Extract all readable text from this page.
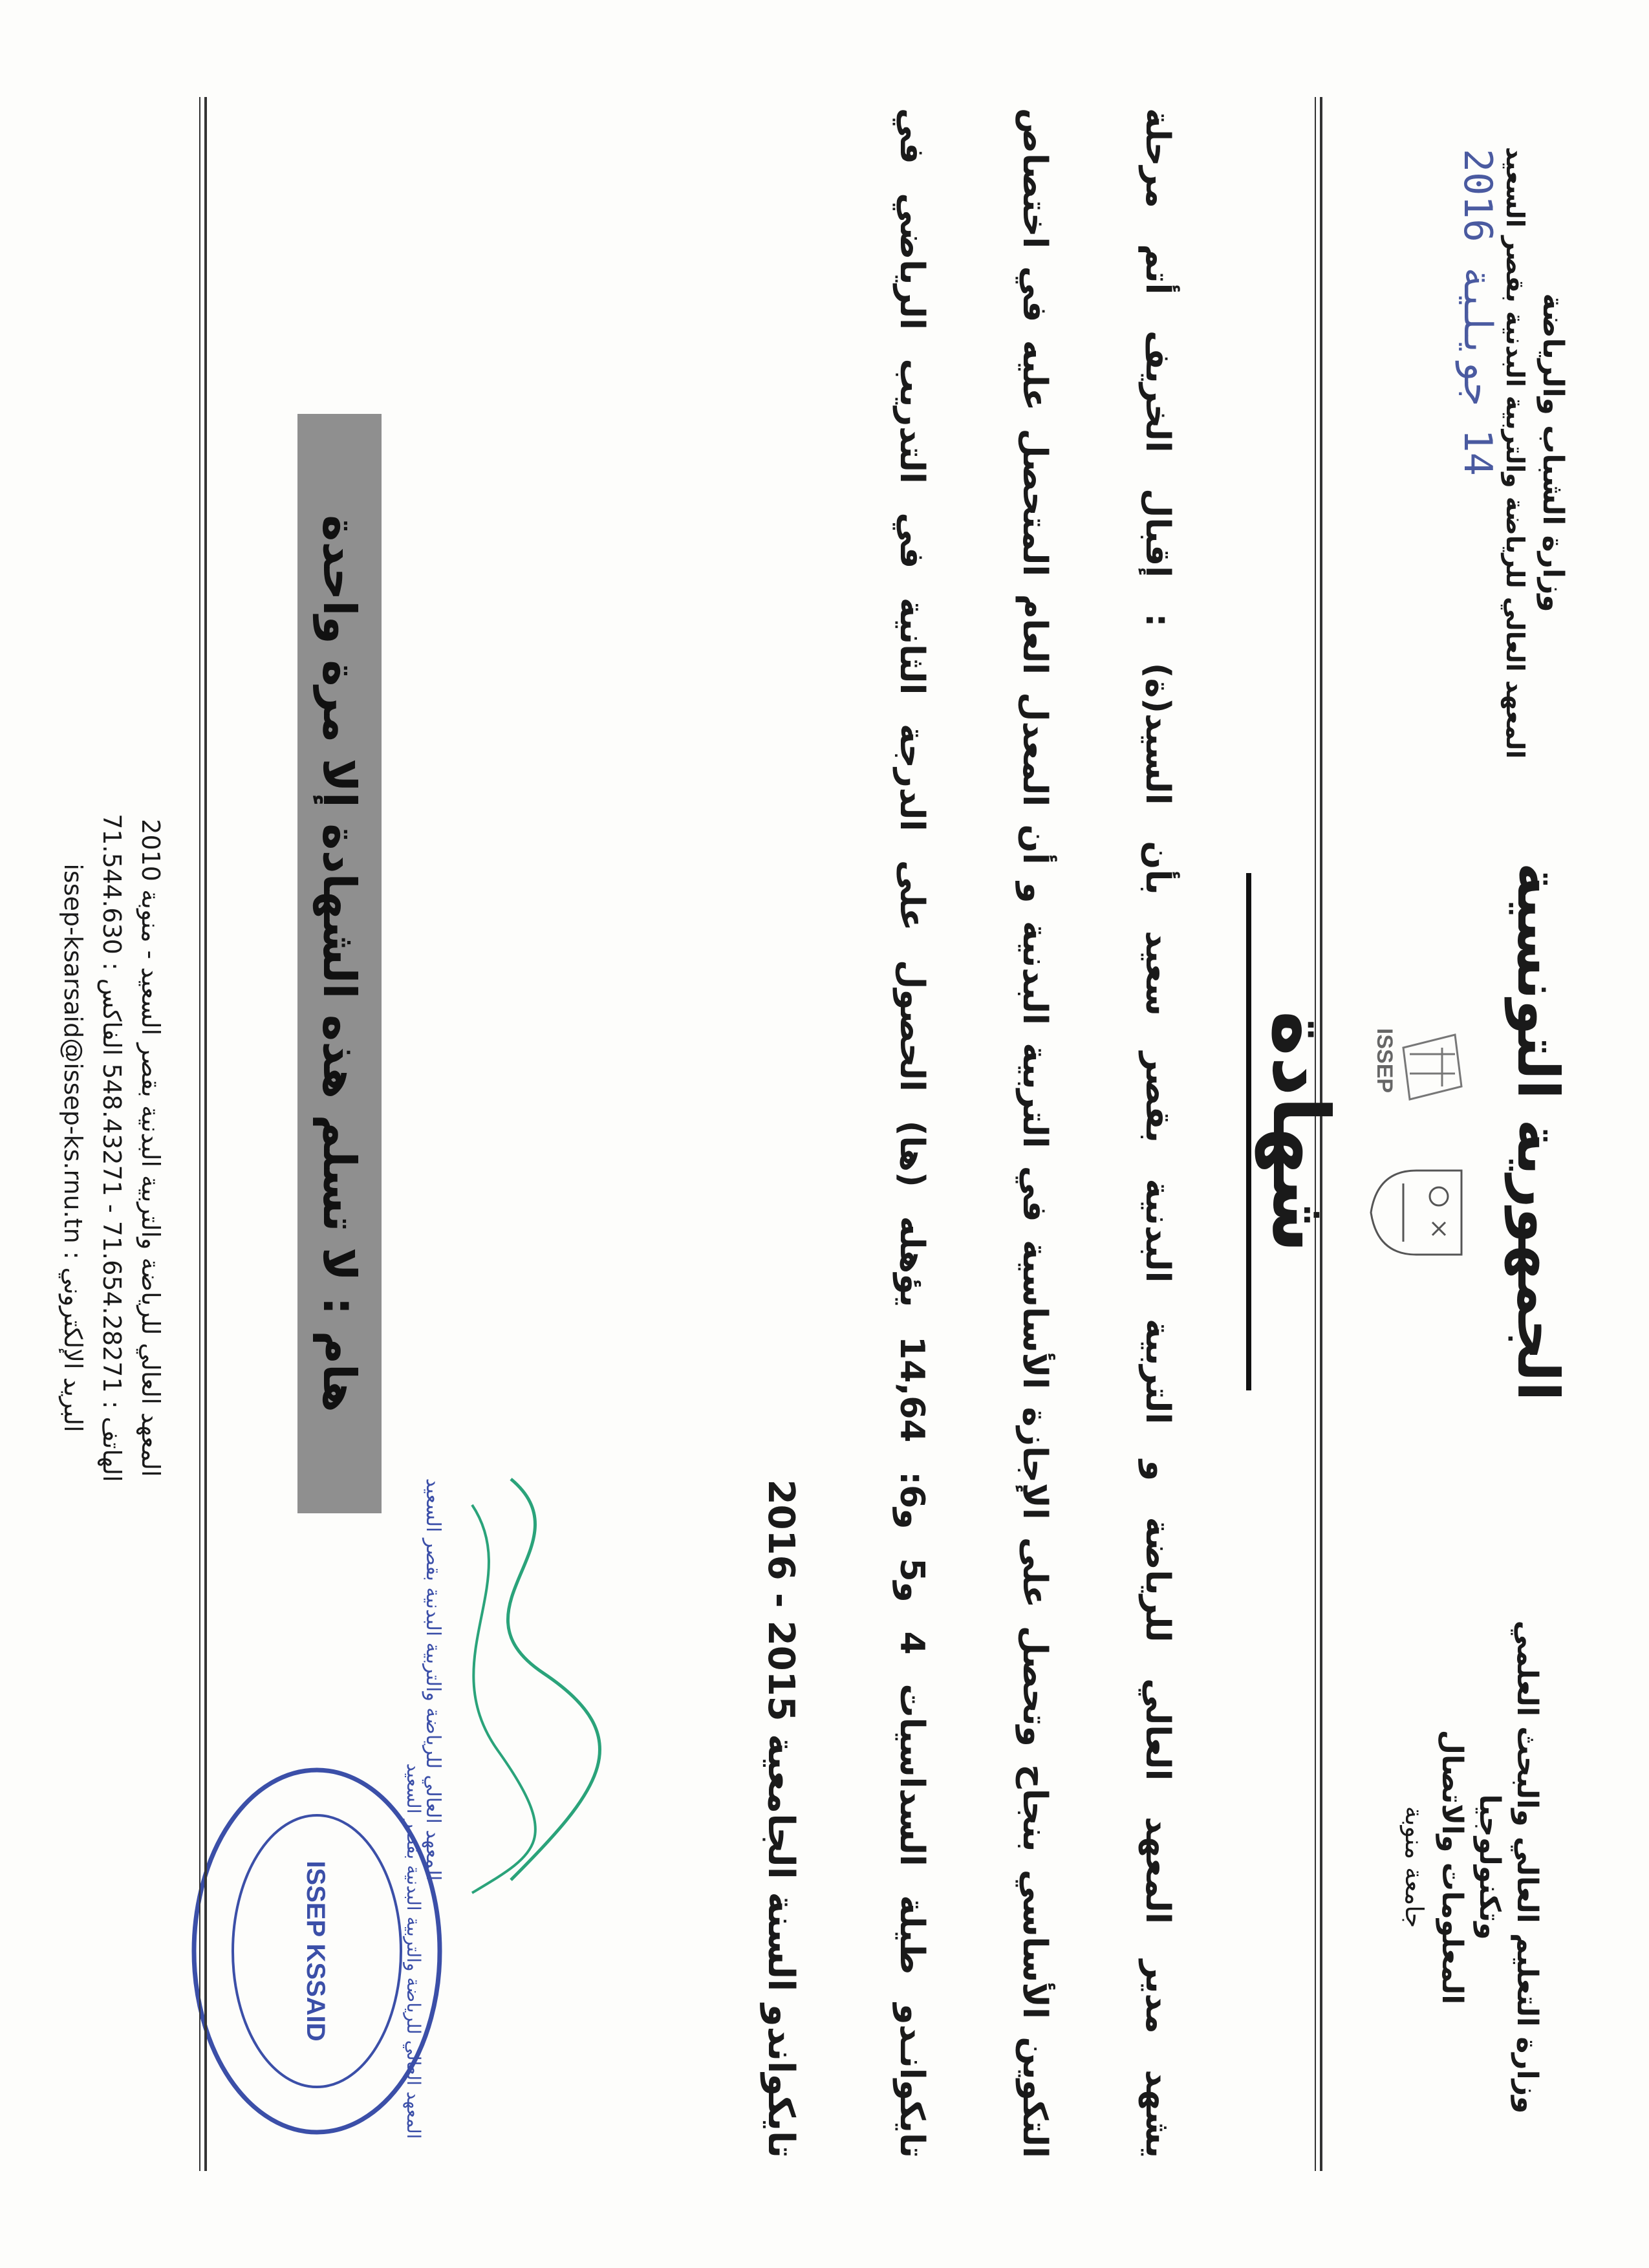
وزارة التعليم العالي والبحث العلمي وتكنولوجيا
المعلومات والاتصال
جامعة منوبة
الجمهورية التونسية
وزارة الشباب والرياضة
المعهد العالي للرياضة والتربية البدنية بقصر السعيد
ISSEP
14 جويلية 2016
شهادة
يشهد مدير المعهد العالي للرياضة و التربية البدنية بقصر سعيد بأن السيد(ة) : إقبال الخريف أتم مرحلة
التكوين الأساسي بنجاح وتحصل على الإجازة الأساسية في التربية البدنية و أن المعدل العام المتحصل عليه في اختصاص
تايكوانـدو طيلة السداسيات 4 و5 و6: 14,64 يؤهله (ها) الحصول على الدرجة الثانية في التدريب الرياضي في
تايكواندو السنة الجامعية 2015 - 2016
المعهد العالي للرياضة والتربية البدنية بقصر السعيد
المعهد العالي للرياضة والتربية البدنية بقصر السعيد
ISSEP KSSAID
هام : لا تسلم هذه الشهادة إلا مرة واحدة
المعهد العالي للرياضة والتربية البدنية بقصر السعيد - منوبة 2010
الهاتف : 71.654.28271 - 548.43271 الفاكس : 71.544.630
issep-ksarsaid@issep-ks.rnu.tn : البريد الإلكتروني
